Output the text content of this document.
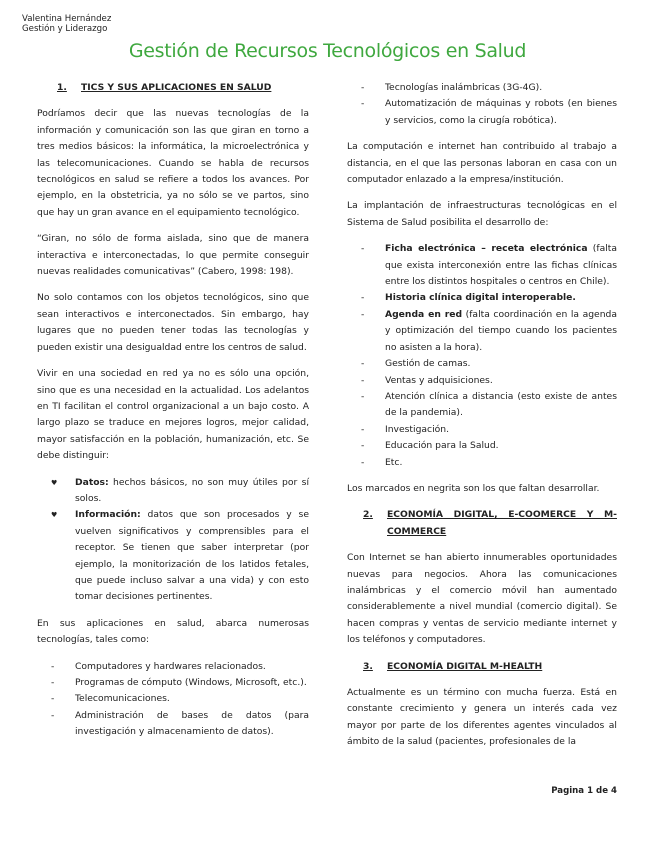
Valentina Hernández
Gestión y Liderazgo
Gestión de Recursos Tecnológicos en Salud
1.	TICS Y SUS APLICACIONES EN SALUD

Podríamos decir que las nuevas tecnologías de la información y comunicación son las que giran en torno a tres medios básicos: la informática, la microelectrónica y las telecomunicaciones. Cuando se habla de recursos tecnológicos en salud se refiere a todos los avances. Por ejemplo, en la obstetricia, ya no sólo se ve partos, sino que hay un gran avance en el equipamiento tecnológico.

“Giran, no sólo de forma aislada, sino que de manera interactiva e interconectadas, lo que permite conseguir nuevas realidades comunicativas” (Cabero, 1998: 198).

No solo contamos con los objetos tecnológicos, sino que sean interactivos e interconectados. Sin embargo, hay lugares que no pueden tener todas las tecnologías y pueden existir una desigualdad entre los centros de salud.

Vivir en una sociedad en red ya no es sólo una opción, sino que es una necesidad en la actualidad. Los adelantos en TI facilitan el control organizacional a un bajo costo. A largo plazo se traduce en mejores logros, mejor calidad, mayor satisfacción en la población, humanización, etc. Se debe distinguir:

♥ Datos: hechos básicos, no son muy útiles por sí solos.
♥ Información: datos que son procesados y se vuelven significativos y comprensibles para el receptor. Se tienen que saber interpretar (por ejemplo, la monitorización de los latidos fetales, que puede incluso salvar a una vida) y con esto tomar decisiones pertinentes.

En sus aplicaciones en salud, abarca numerosas tecnologías, tales como:

- Computadores y hardwares relacionados.
- Programas de cómputo (Windows, Microsoft, etc.).
- Telecomunicaciones.
- Administración de bases de datos (para investigación y almacenamiento de datos).
- Tecnologías inalámbricas (3G-4G).
- Automatización de máquinas y robots (en bienes y servicios, como la cirugía robótica).

La computación e internet han contribuido al trabajo a distancia, en el que las personas laboran en casa con un computador enlazado a la empresa/institución.

La implantación de infraestructuras tecnológicas en el Sistema de Salud posibilita el desarrollo de:

- Ficha electrónica – receta electrónica (falta que exista interconexión entre las fichas clínicas entre los distintos hospitales o centros en Chile).
- Historia clínica digital interoperable.
- Agenda en red (falta coordinación en la agenda y optimización del tiempo cuando los pacientes no asisten a la hora).
- Gestión de camas.
- Ventas y adquisiciones.
- Atención clínica a distancia (esto existe de antes de la pandemia).
- Investigación.
- Educación para la Salud.
- Etc.

Los marcados en negrita son los que faltan desarrollar.

2.	ECONOMÍA DIGITAL, E-COOMERCE Y M-COMMERCE

Con Internet se han abierto innumerables oportunidades nuevas para negocios. Ahora las comunicaciones inalámbricas y el comercio móvil han aumentado considerablemente a nivel mundial (comercio digital). Se hacen compras y ventas de servicio mediante internet y los teléfonos y computadores.

3.	ECONOMÍA DIGITAL M-HEALTH

Actualmente es un término con mucha fuerza. Está en constante crecimiento y genera un interés cada vez mayor por parte de los diferentes agentes vinculados al ámbito de la salud (pacientes, profesionales de la

Pagina 1 de 4
